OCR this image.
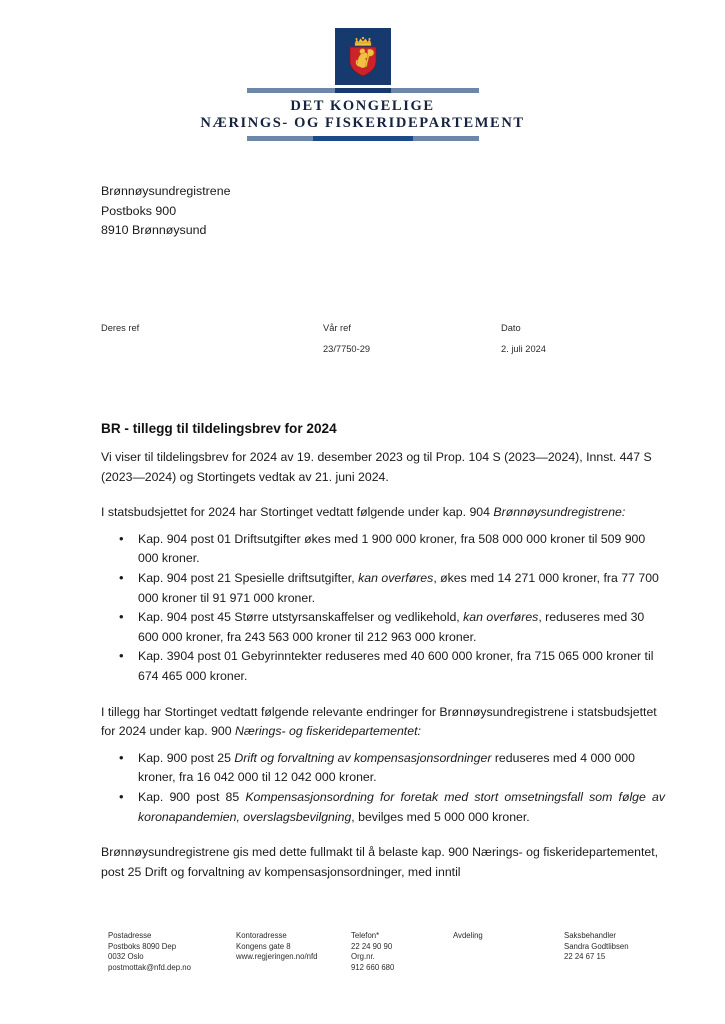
DET KONGELIGE
NÆRINGS- OG FISKERIDEPARTEMENT
Brønnøysundregistrene
Postboks 900
8910 Brønnøysund
Deres ref	Vår ref
23/7750-29
Dato
2. juli 2024
BR - tillegg til tildelingsbrev for 2024

Vi viser til tildelingsbrev for 2024 av 19. desember 2023 og til Prop. 104 S (2023—2024), Innst. 447 S (2023—2024) og Stortingets vedtak av 21. juni 2024.

I statsbudsjettet for 2024 har Stortinget vedtatt følgende under kap. 904 Brønnøysundregistrene:

• Kap. 904 post 01 Driftsutgifter økes med 1 900 000 kroner, fra 508 000 000 kroner til 509 900 000 kroner.
• Kap. 904 post 21 Spesielle driftsutgifter, kan overføres, økes med 14 271 000 kroner, fra 77 700 000 kroner til 91 971 000 kroner.
• Kap. 904 post 45 Større utstyrsanskaffelser og vedlikehold, kan overføres, reduseres med 30 600 000 kroner, fra 243 563 000 kroner til 212 963 000 kroner.
• Kap. 3904 post 01 Gebyrinntekter reduseres med 40 600 000 kroner, fra 715 065 000 kroner til 674 465 000 kroner.

I tillegg har Stortinget vedtatt følgende relevante endringer for Brønnøysundregistrene i statsbudsjettet for 2024 under kap. 900 Nærings- og fiskeridepartementet:

• Kap. 900 post 25 Drift og forvaltning av kompensasjonsordninger reduseres med 4 000 000 kroner, fra 16 042 000 til 12 042 000 kroner.
• Kap. 900 post 85 Kompensasjonsordning for foretak med stort omsetningsfall som følge av koronapandemien, overslagsbevilgning, bevilges med 5 000 000 kroner.

Brønnøysundregistrene gis med dette fullmakt til å belaste kap. 900 Nærings- og fiskeridepartementet, post 25 Drift og forvaltning av kompensasjonsordninger, med inntil

Postadresse
Postboks 8090 Dep
0032 Oslo
postmottak@nfd.dep.no
Kontoradresse
Kongens gate 8
www.regjeringen.no/nfd
Telefon*
22 24 90 90
Org.nr.
912 660 680
Avdeling	Saksbehandler
Sandra Godtlibsen
22 24 67 15
